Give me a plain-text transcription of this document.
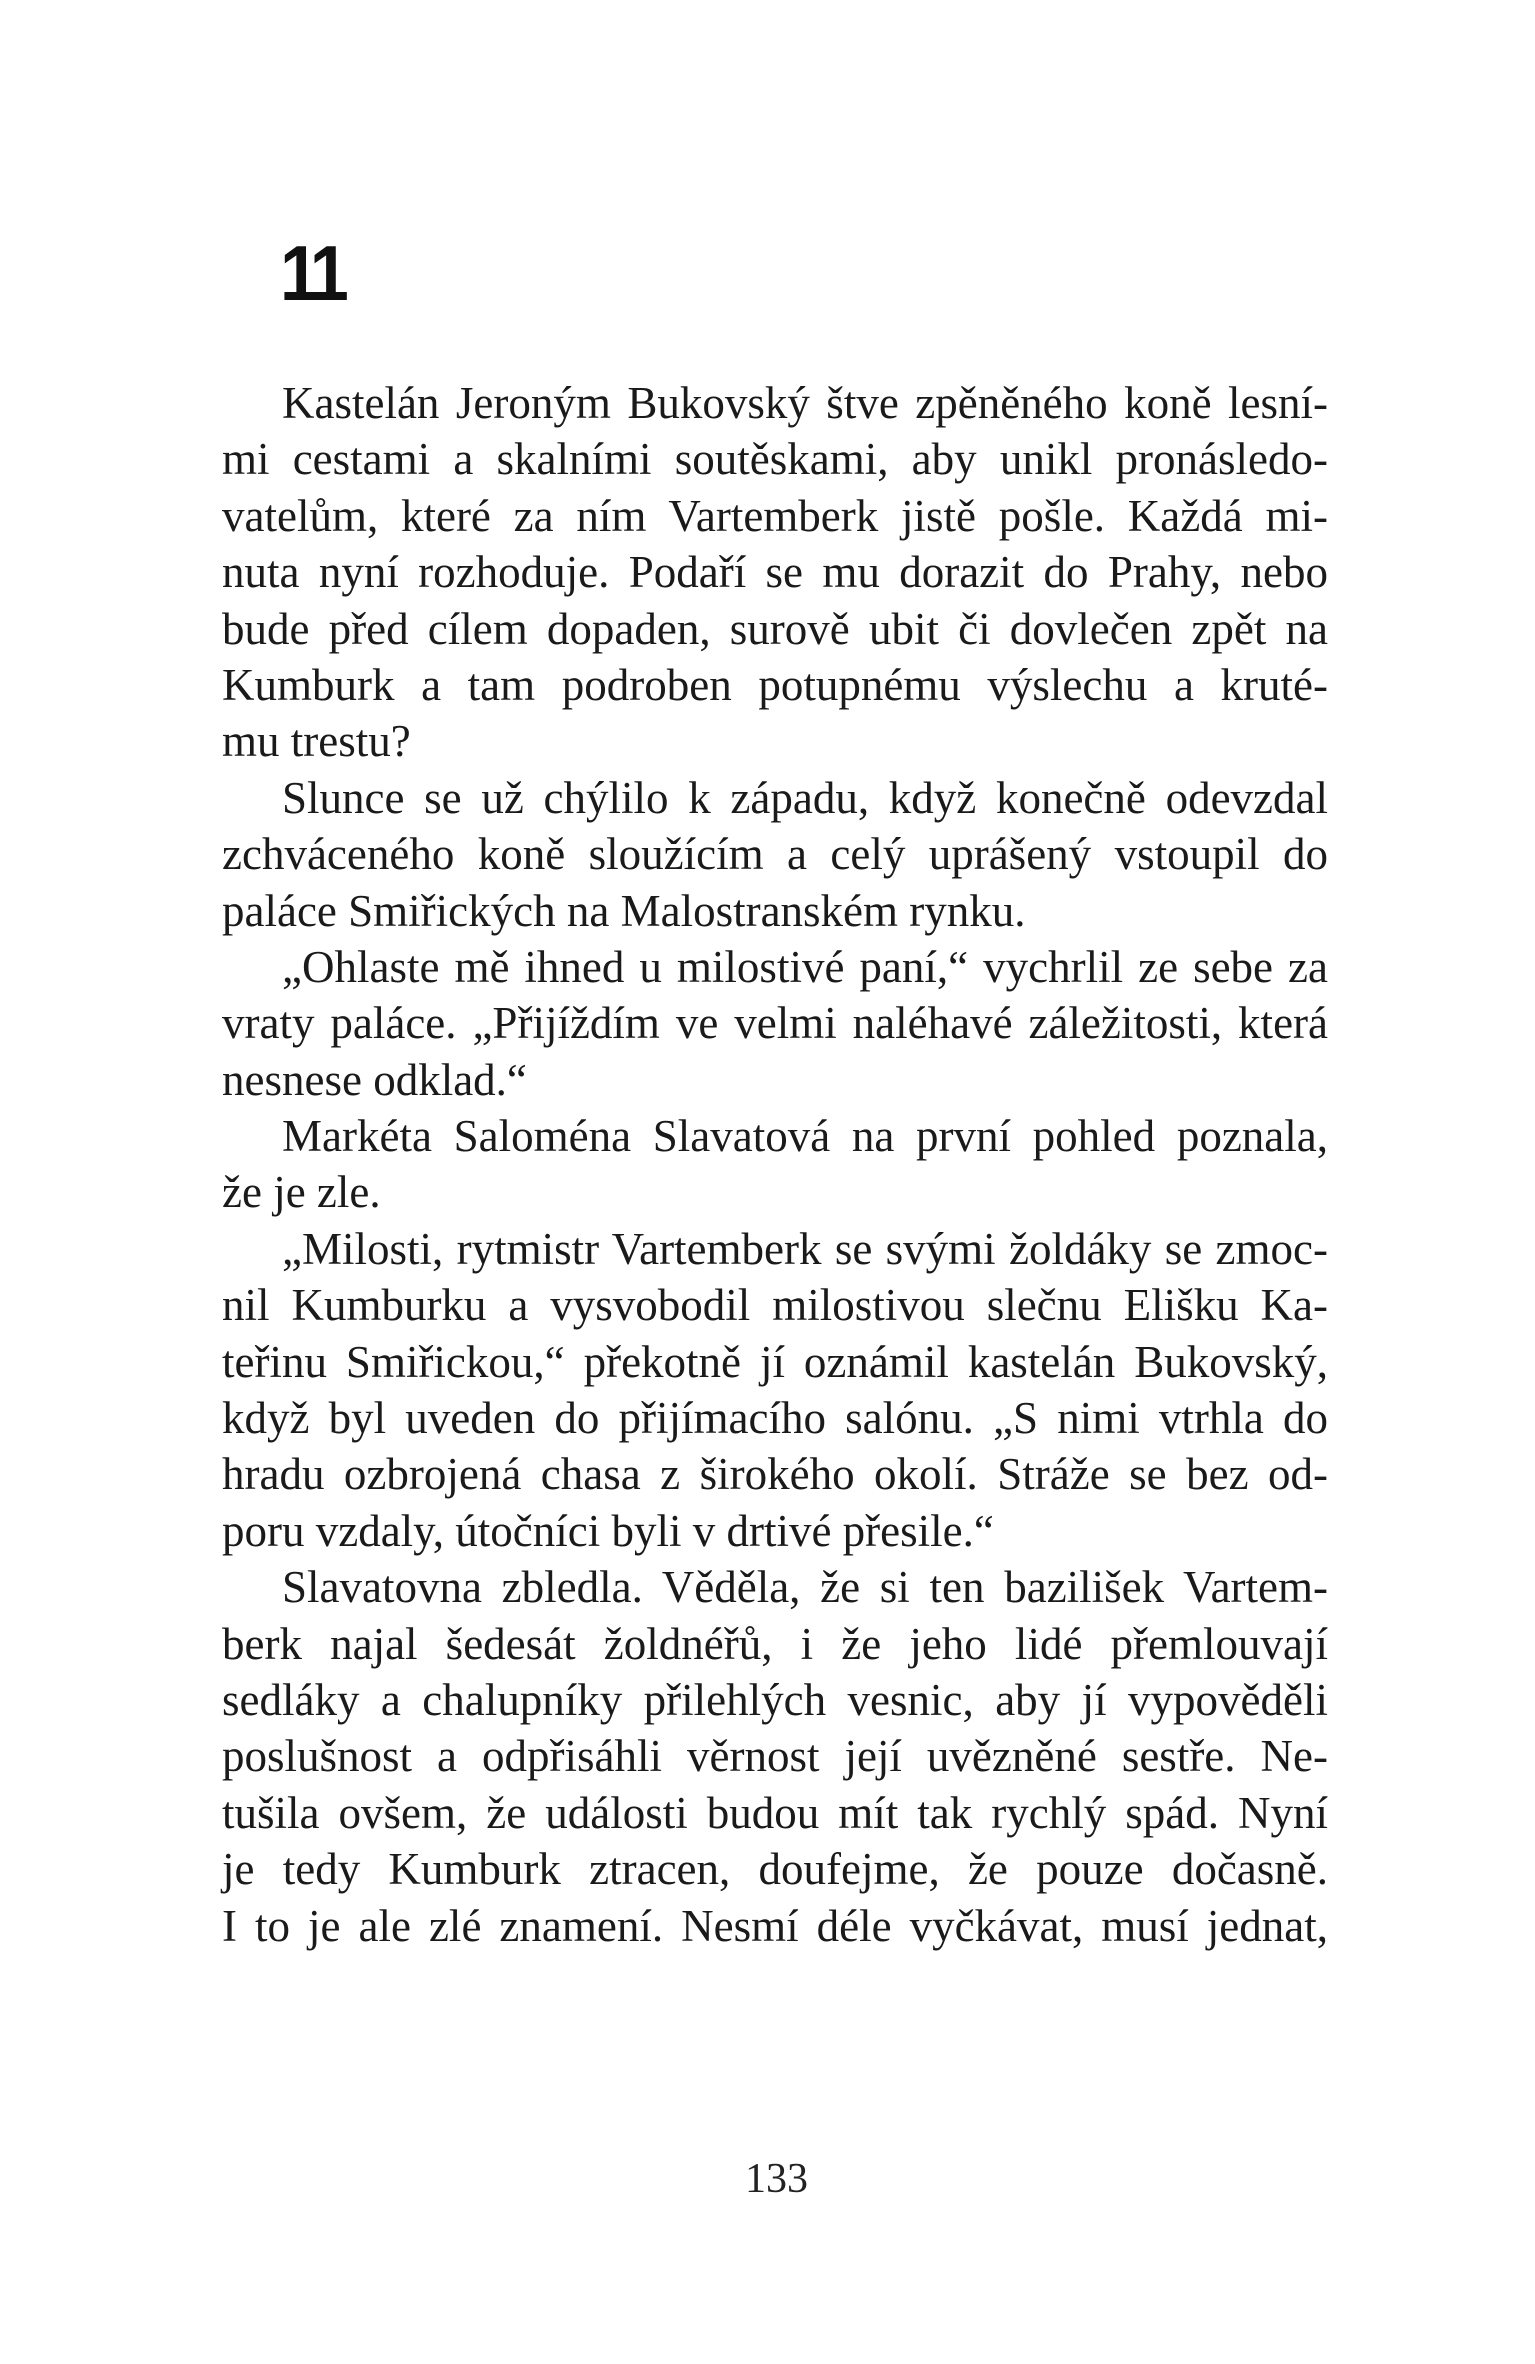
11
Kastelán Jeroným Bukovský štve zpěněného koně lesní-
mi cestami a skalními soutěskami, aby unikl pronásledo-
vatelům, které za ním Vartemberk jistě pošle. Každá mi-
nuta nyní rozhoduje. Podaří se mu dorazit do Prahy, nebo
bude před cílem dopaden, surově ubit či dovlečen zpět na
Kumburk a tam podroben potupnému výslechu a kruté-
mu trestu?
Slunce se už chýlilo k západu, když konečně odevzdal
zchváceného koně sloužícím a celý uprášený vstoupil do
paláce Smiřických na Malostranském rynku.
„Ohlaste mě ihned u milostivé paní,“ vychrlil ze sebe za
vraty paláce. „Přijíždím ve velmi naléhavé záležitosti, která
nesnese odklad.“
Markéta Saloména Slavatová na první pohled poznala,
že je zle.
„Milosti, rytmistr Vartemberk se svými žoldáky se zmoc-
nil Kumburku a vysvobodil milostivou slečnu Elišku Ka-
teřinu Smiřickou,“ překotně jí oznámil kastelán Bukovský,
když byl uveden do přijímacího salónu. „S nimi vtrhla do
hradu ozbrojená chasa z širokého okolí. Stráže se bez od-
poru vzdaly, útočníci byli v drtivé přesile.“
Slavatovna zbledla. Věděla, že si ten bazilišek Vartem-
berk najal šedesát žoldnéřů, i že jeho lidé přemlouvají
sedláky a chalupníky přilehlých vesnic, aby jí vypověděli
poslušnost a odpřisáhli věrnost její uvězněné sestře. Ne-
tušila ovšem, že události budou mít tak rychlý spád. Nyní
je tedy Kumburk ztracen, doufejme, že pouze dočasně.
I to je ale zlé znamení. Nesmí déle vyčkávat, musí jednat,
133
